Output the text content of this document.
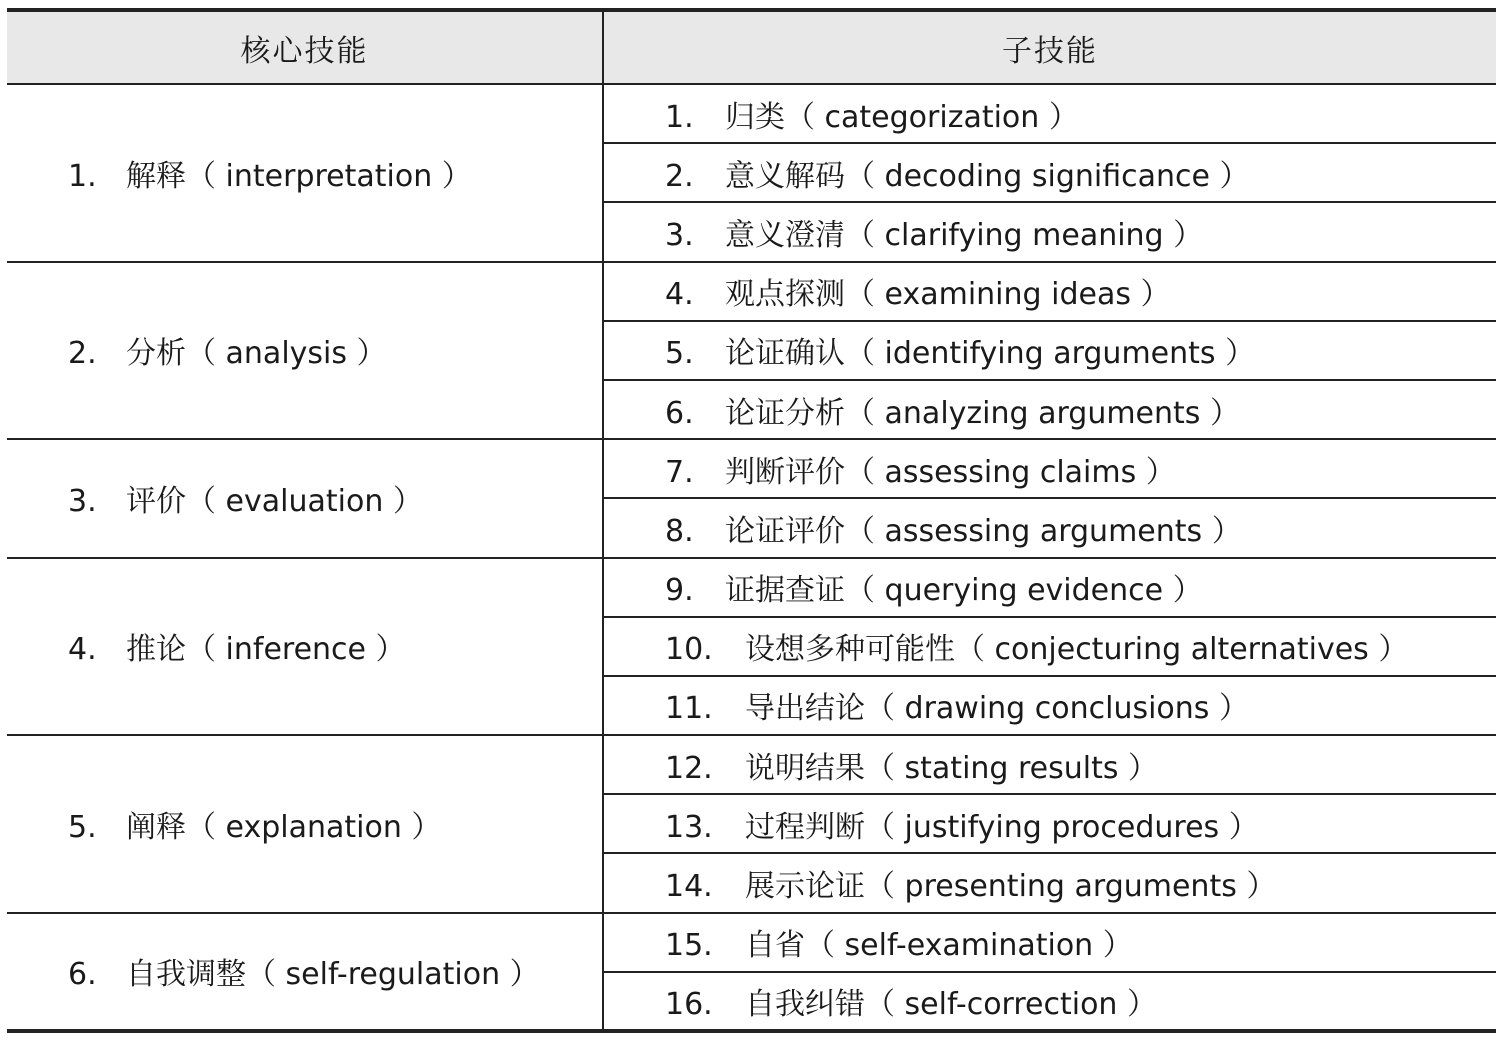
核心技能	子技能
1. 解释（ interpretation ）	1. 归类（ categorization ）
	2. 意义解码（ decoding significance ）
	3. 意义澄清（ clarifying meaning ）
2. 分析（ analysis ）	4. 观点探测（ examining ideas ）
	5. 论证确认（ identifying arguments ）
	6. 论证分析（ analyzing arguments ）
3. 评价（ evaluation ）	7. 判断评价（ assessing claims ）
	8. 论证评价（ assessing arguments ）
4. 推论（ inference ）	9. 证据查证（ querying evidence ）
	10. 设想多种可能性（ conjecturing alternatives ）
	11. 导出结论（ drawing conclusions ）
5. 阐释（ explanation ）	12. 说明结果（ stating results ）
	13. 过程判断（ justifying procedures ）
	14. 展示论证（ presenting arguments ）
6. 自我调整（ self-regulation ）	15. 自省（ self-examination ）
	16. 自我纠错（ self-correction ）
